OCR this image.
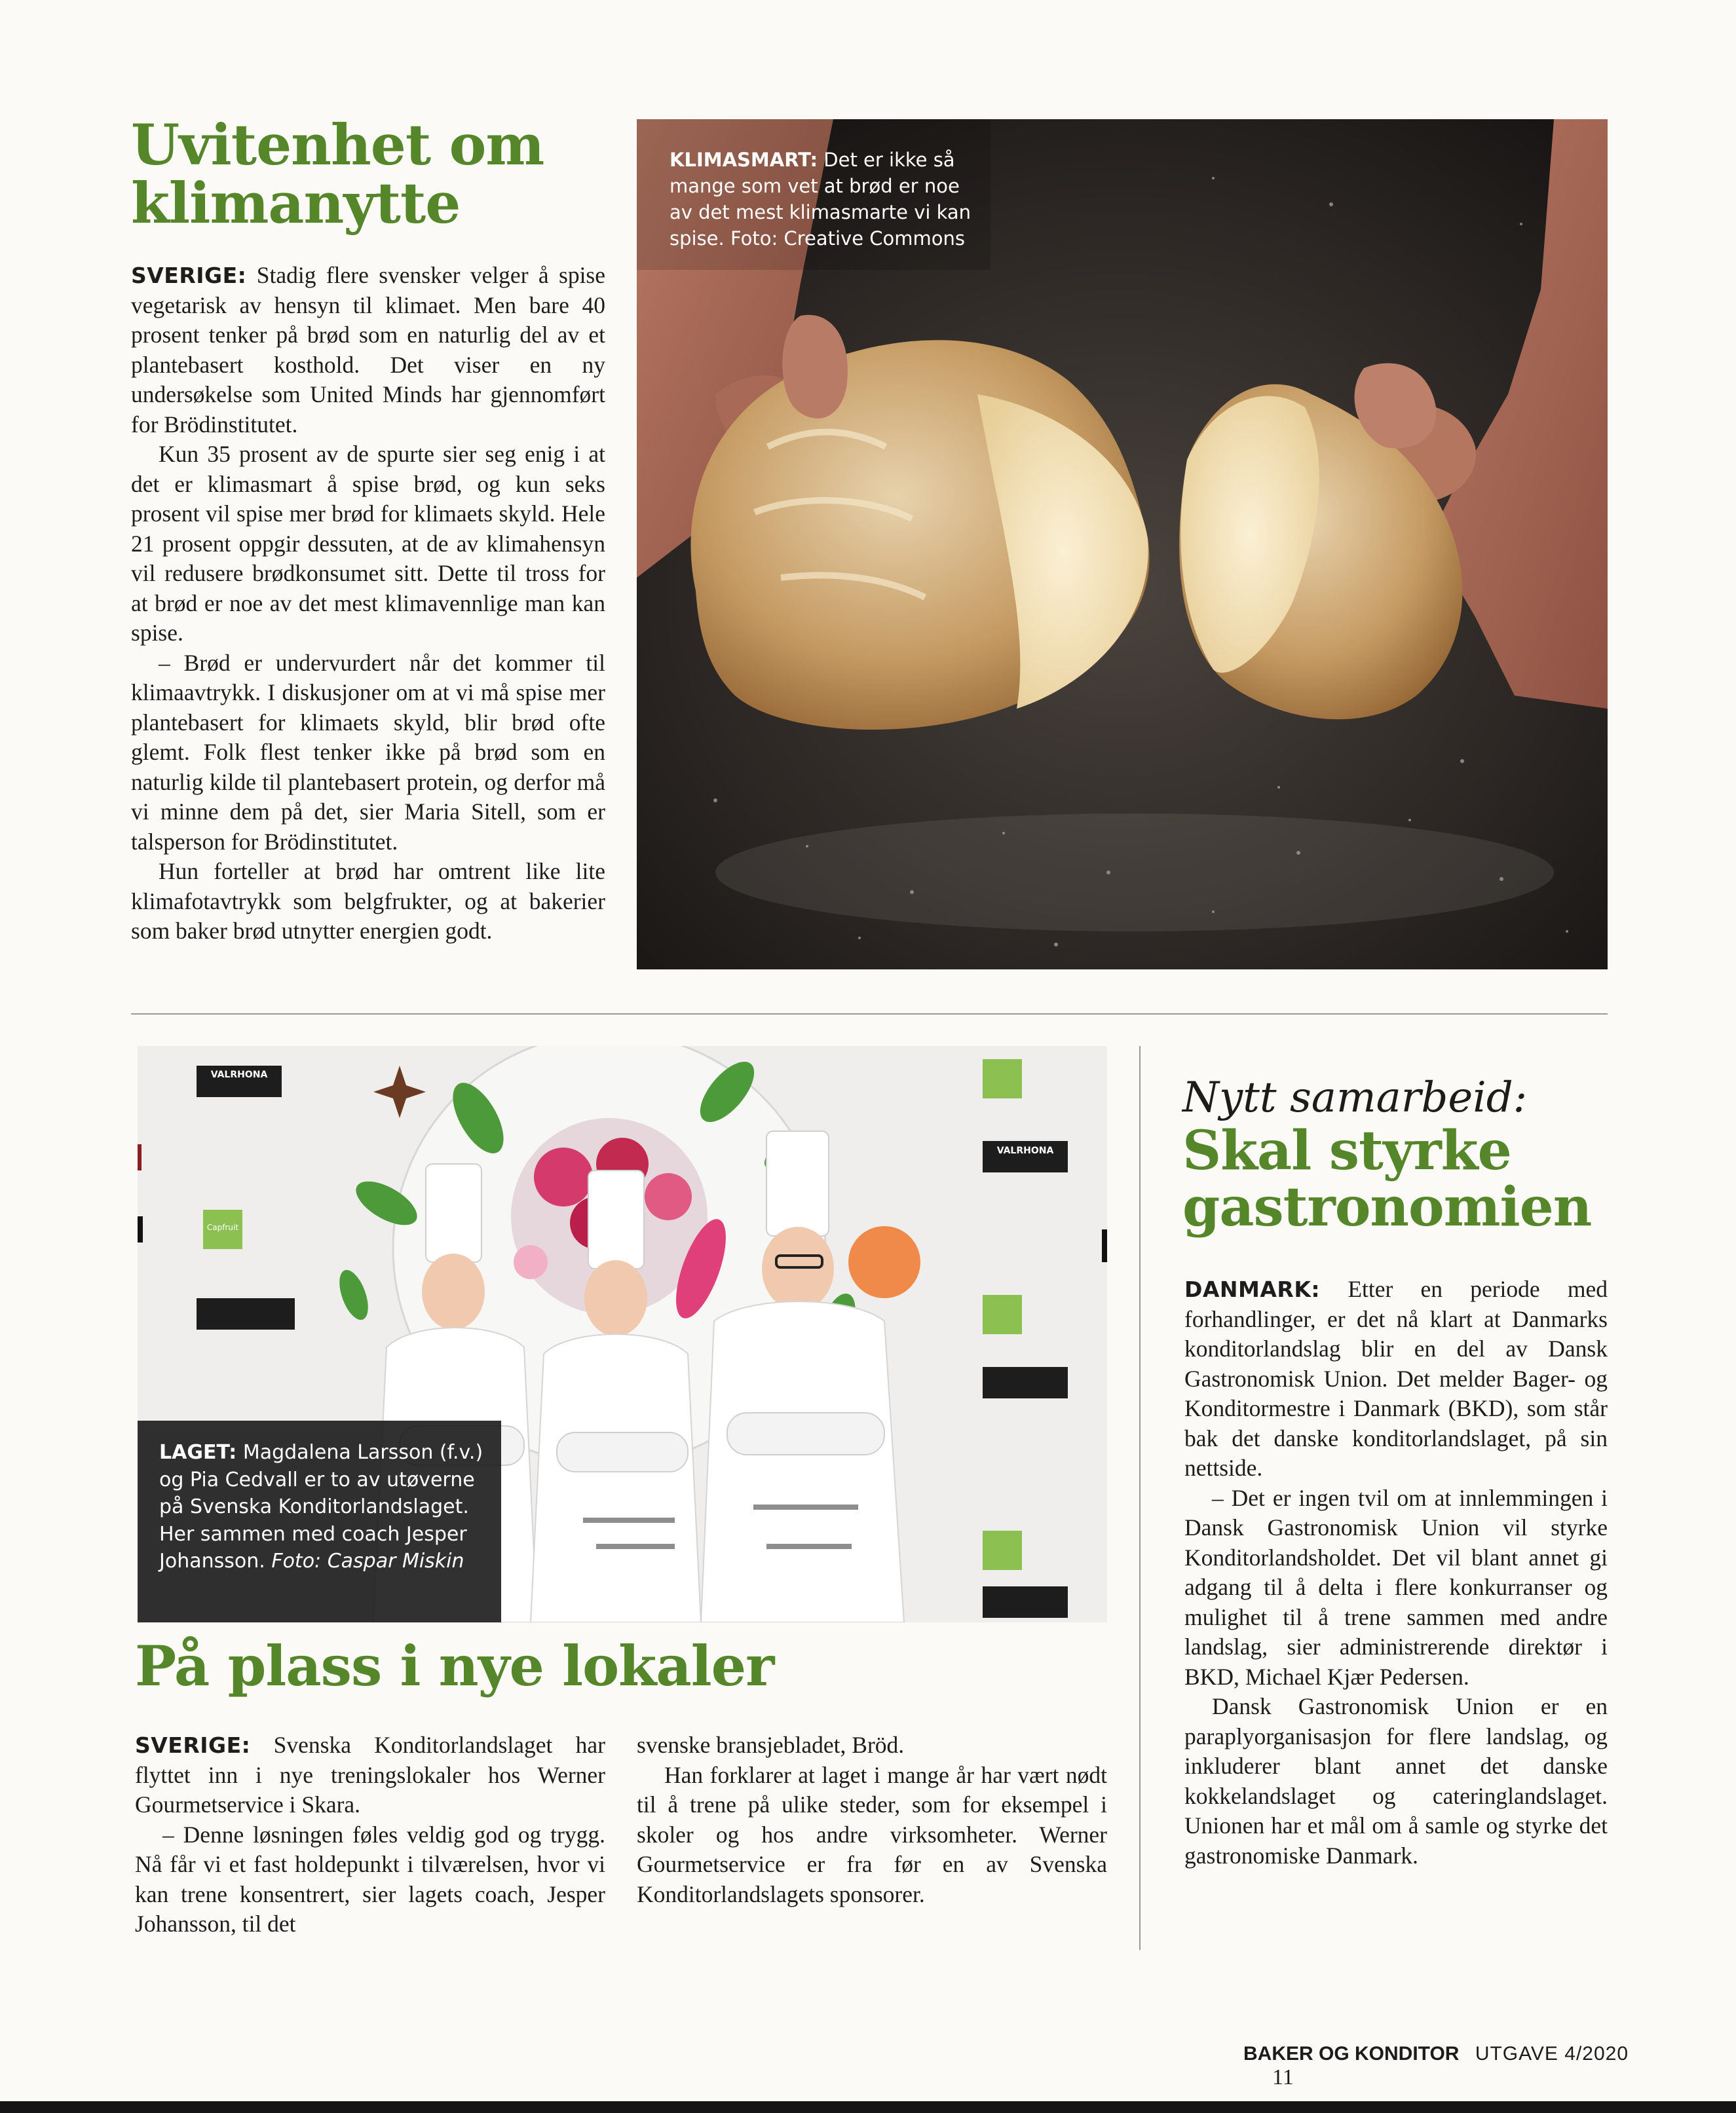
Uvitenhet om
klimanytte

SVERIGE: Stadig flere svensker velger å spise vegetarisk av hensyn til klimaet. Men bare 40 prosent tenker på brød som en naturlig del av et plantebasert kosthold. Det viser en ny undersøkelse som United Minds har gjennomført for Brödinstitutet.

Kun 35 prosent av de spurte sier seg enig i at det er klimasmart å spise brød, og kun seks prosent vil spise mer brød for klimaets skyld. Hele 21 prosent oppgir dessuten, at de av klimahensyn vil redusere brødkonsumet sitt. Dette til tross for at brød er noe av det mest klimavennlige man kan spise.

– Brød er undervurdert når det kommer til klimaavtrykk. I diskusjoner om at vi må spise mer plantebasert for klimaets skyld, blir brød ofte glemt. Folk flest tenker ikke på brød som en naturlig kilde til plantebasert protein, og derfor må vi minne dem på det, sier Maria Sitell, som er talsperson for Brödinstitutet.

Hun forteller at brød har omtrent like lite klimafotavtrykk som belgfrukter, og at bakerier som baker brød utnytter energien godt.

KLIMASMART: Det er ikke så mange som vet at brød er noe av det mest klimasmarte vi kan spise. Foto: Creative Commons
VALRHONA
VALRHONA
Capfruit
LAGET: Magdalena Larsson (f.v.) og Pia Cedvall er to av utøverne på Svenska Konditorlandslaget. Her sammen med coach Jesper Johansson. Foto: Caspar Miskin
På plass i nye lokaler

SVERIGE: Svenska Konditorlandslaget har flyttet inn i nye treningslokaler hos Werner Gourmetservice i Skara.

– Denne løsningen føles veldig god og trygg. Nå får vi et fast holdepunkt i tilværelsen, hvor vi kan trene konsentrert, sier lagets coach, Jesper Johansson, til det

svenske bransjebladet, Bröd.

Han forklarer at laget i mange år har vært nødt til å trene på ulike steder, som for eksempel i skoler og hos andre virksomheter. Werner Gourmetservice er fra før en av Svenska Konditorlandslagets sponsorer.

Nytt samarbeid:
Skal styrke
gastronomien

DANMARK: Etter en periode med forhandlinger, er det nå klart at Danmarks konditorlandslag blir en del av Dansk Gastronomisk Union. Det melder Bager- og Konditormestre i Danmark (BKD), som står bak det danske konditorlandslaget, på sin nettside.

– Det er ingen tvil om at innlemmingen i Dansk Gastronomisk Union vil styrke Konditorlandsholdet. Det vil blant annet gi adgang til å delta i flere konkurranser og mulighet til å trene sammen med andre landslag, sier administrerende direktør i BKD, Michael Kjær Pedersen.

Dansk Gastronomisk Union er en paraplyorganisasjon for flere landslag, og inkluderer blant annet det danske kokkelandslaget og cateringlandslaget. Unionen har et mål om å samle og styrke det gastronomiske Danmark.

BAKER OG KONDITOR UTGAVE 4/2020 11
